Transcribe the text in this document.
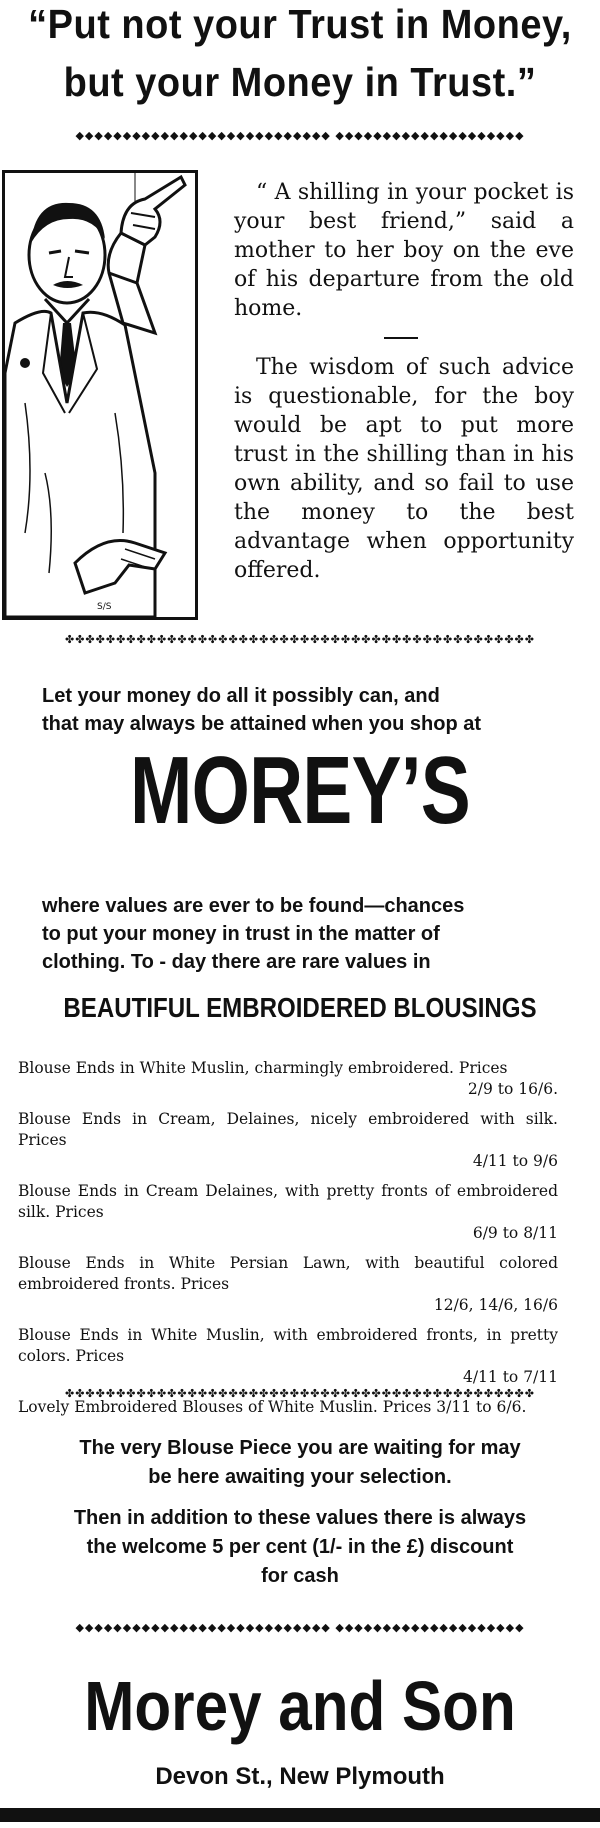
“Put not your Trust in Money,
but your Money in Trust.”
◆◆◆◆◆◆◆◆◆◆◆◆◆◆◆◆◆◆◆◆◆◆◆◆◆◆◆ ◆◆◆◆◆◆◆◆◆◆◆◆◆◆◆◆◆◆◆◆
S/S

“ A shilling in your pocket is your best friend,” said a mother to her boy on the eve of his departure from the old home.

The wisdom of such advice is questionable, for the boy would be apt to put more trust in the shilling than in his own ability, and so fail to use the money to the best advantage when opportunity offered.

✤✤✤✤✤✤✤✤✤✤✤✤✤✤✤✤✤✤✤✤✤✤✤✤✤✤✤✤✤✤✤✤✤✤✤✤✤✤✤✤✤✤✤✤✤✤

Let your money do all it possibly can, and

that may always be attained when you shop at

MOREY’S

where values are ever to be found—chances

to put your money in trust in the matter of

clothing. To - day there are rare values in

BEAUTIFUL EMBROIDERED BLOUSINGS
Blouse Ends in White Muslin, charmingly embroidered. Prices
2/9 to 16/6.
Blouse Ends in Cream, Delaines, nicely embroidered with silk. Prices
4/11 to 9/6
Blouse Ends in Cream Delaines, with pretty fronts of embroidered silk. Prices
6/9 to 8/11
Blouse Ends in White Persian Lawn, with beautiful colored embroidered fronts. Prices
12/6, 14/6, 16/6
Blouse Ends in White Muslin, with embroidered fronts, in pretty colors. Prices
4/11 to 7/11
Lovely Embroidered Blouses of White Muslin. Prices 3/11 to 6/6.
✤✤✤✤✤✤✤✤✤✤✤✤✤✤✤✤✤✤✤✤✤✤✤✤✤✤✤✤✤✤✤✤✤✤✤✤✤✤✤✤✤✤✤✤✤✤

The very Blouse Piece you are waiting for may

be here awaiting your selection.

Then in addition to these values there is always

the welcome 5 per cent (1/- in the £) discount

for cash

◆◆◆◆◆◆◆◆◆◆◆◆◆◆◆◆◆◆◆◆◆◆◆◆◆◆◆ ◆◆◆◆◆◆◆◆◆◆◆◆◆◆◆◆◆◆◆◆
Morey and Son
Devon St., New Plymouth
